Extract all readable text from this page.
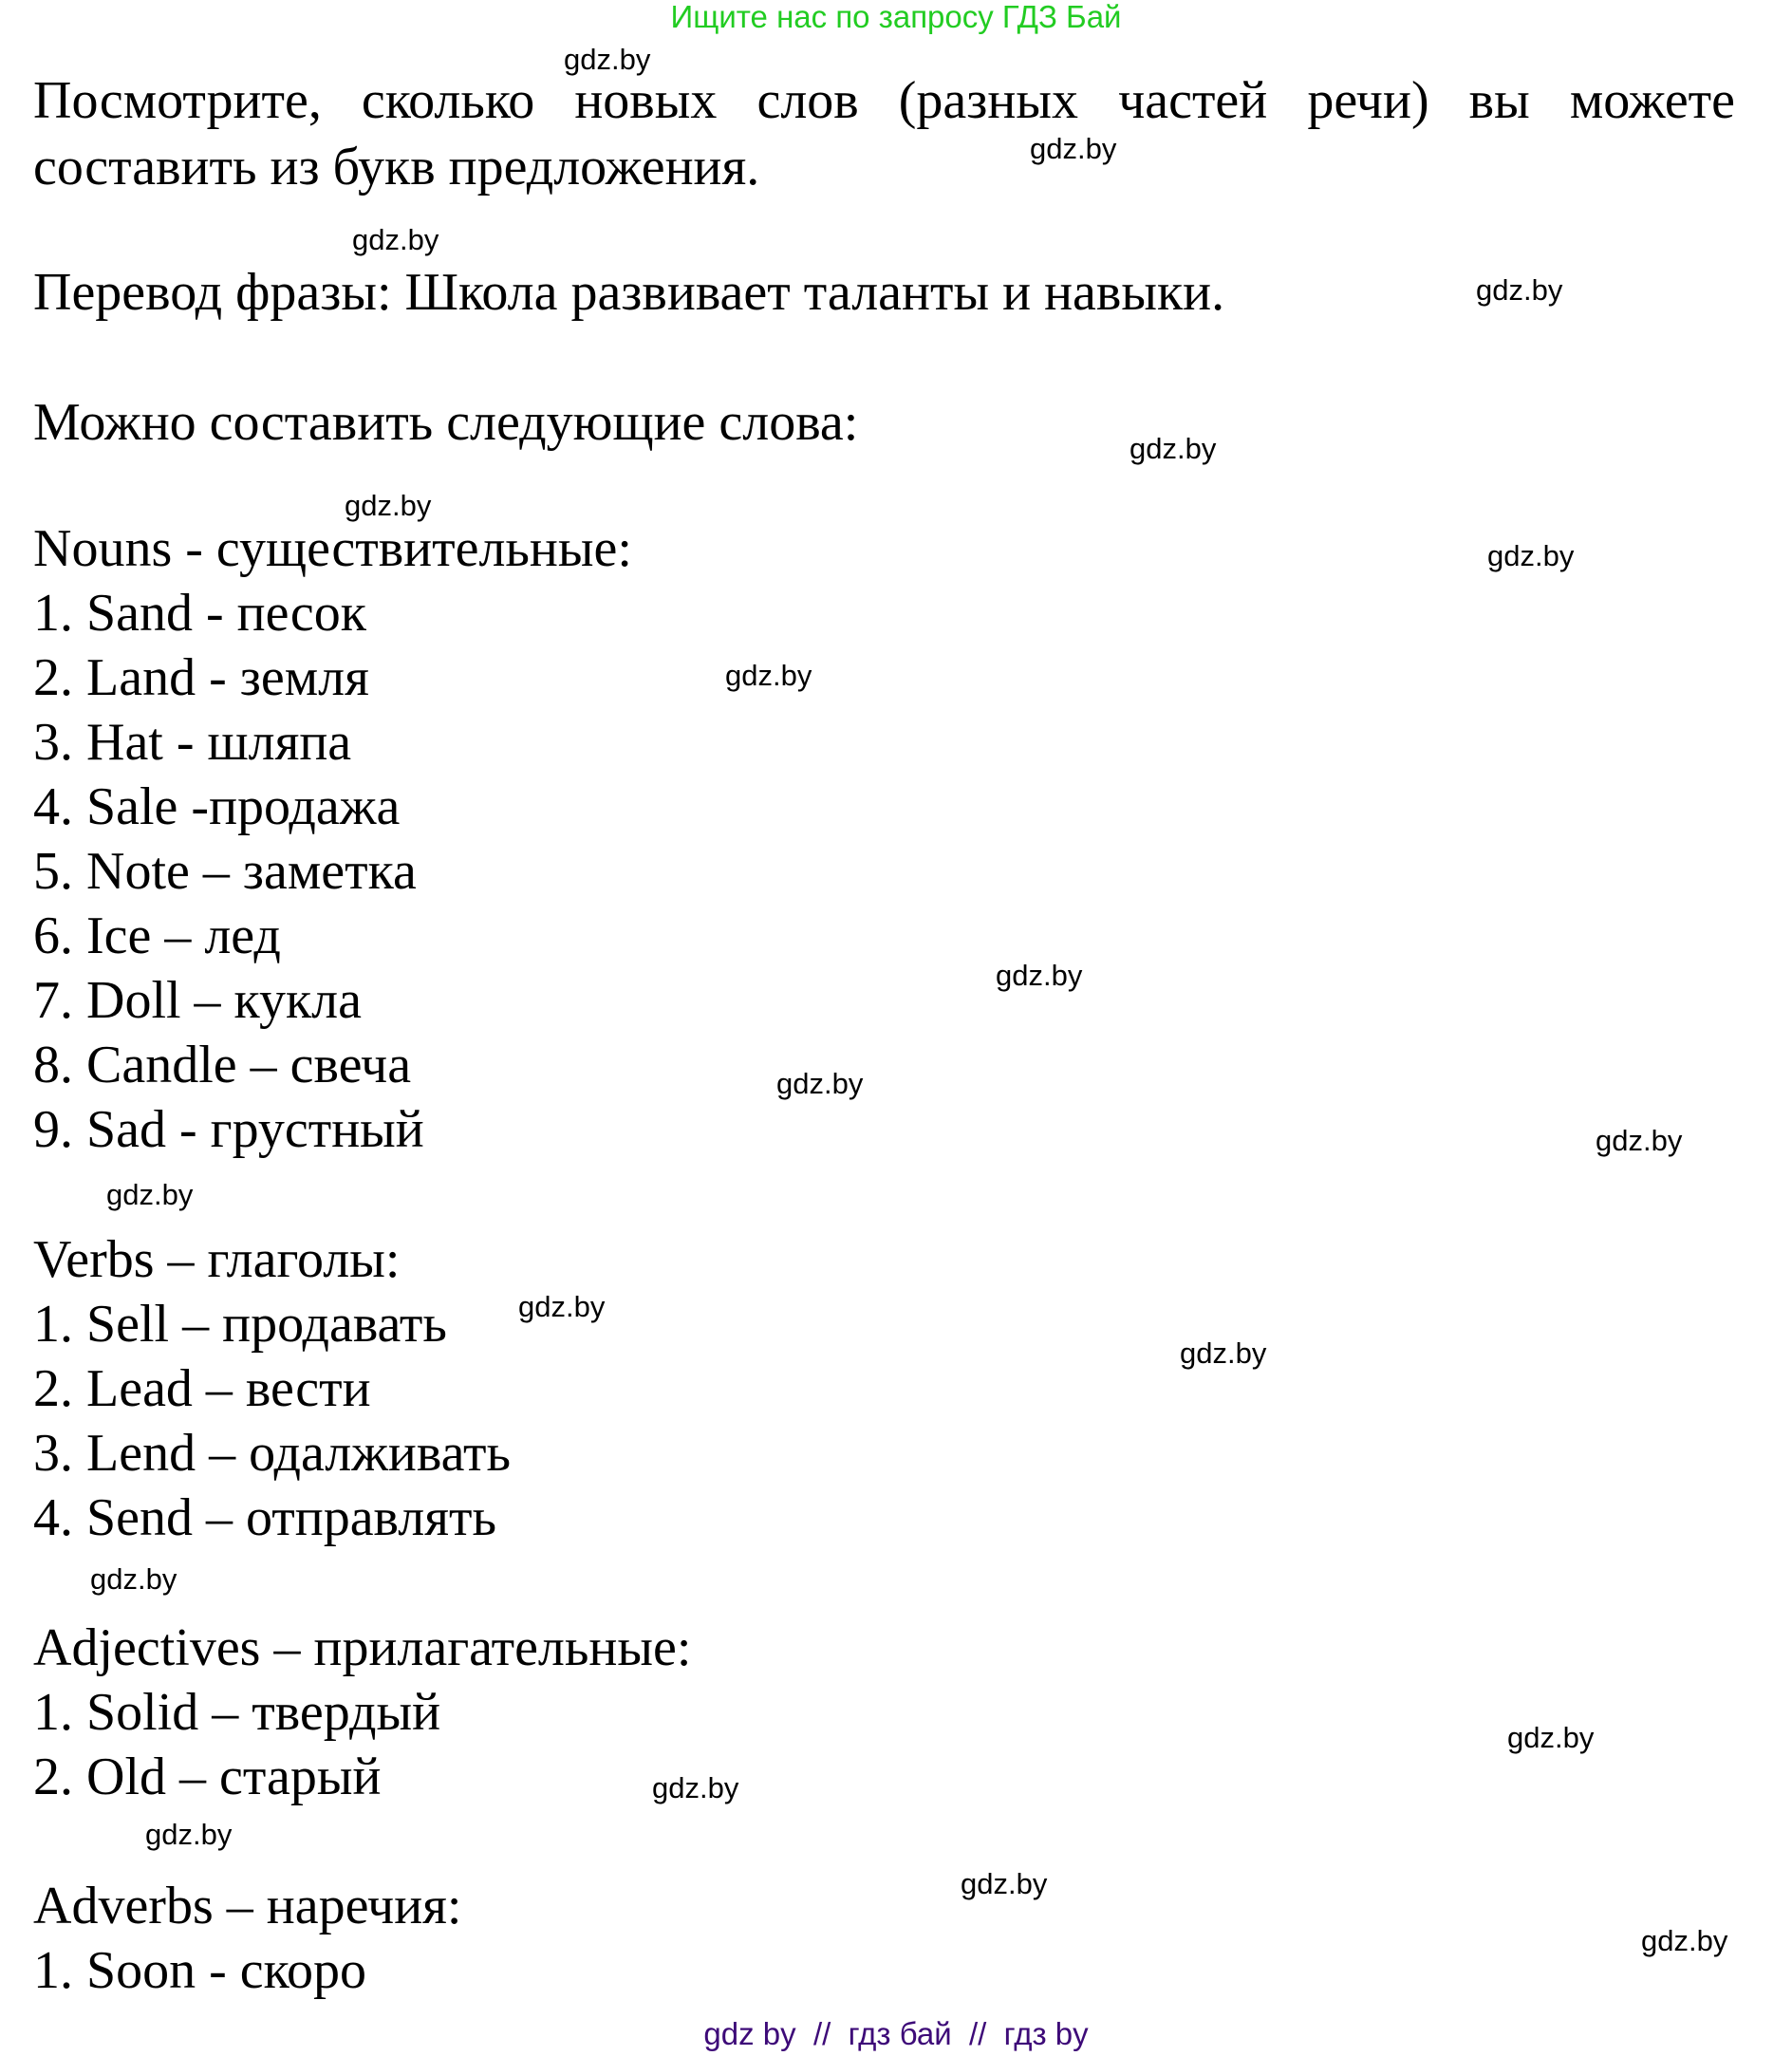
Ищите нас по запросу ГДЗ Бай
Посмотрите, сколько новых слов (разных частей речи) вы можете составить из букв предложения.
Перевод фразы: Школа развивает таланты и навыки.
Можно составить следующие слова:
Nouns - существительные:
1. Sand - песок
2. Land - земля
3. Hat - шляпа
4. Sale -продажа
5. Note – заметка
6. Ice – лед
7. Doll – кукла
8. Candle – свеча
9. Sad - грустный
Verbs – глаголы:
1. Sell – продавать
2. Lead – вести
3. Lend – одалживать
4. Send – отправлять
Adjectives – прилагательные:
1. Solid – твердый
2. Old – старый
Adverbs – наречия:
1. Soon - скоро
gdz.by
gdz.by
gdz.by
gdz.by
gdz.by
gdz.by
gdz.by
gdz.by
gdz.by
gdz.by
gdz.by
gdz.by
gdz.by
gdz.by
gdz.by
gdz.by
gdz.by
gdz.by
gdz.by
gdz.by
gdz by  //  гдз бай  //  гдз by
